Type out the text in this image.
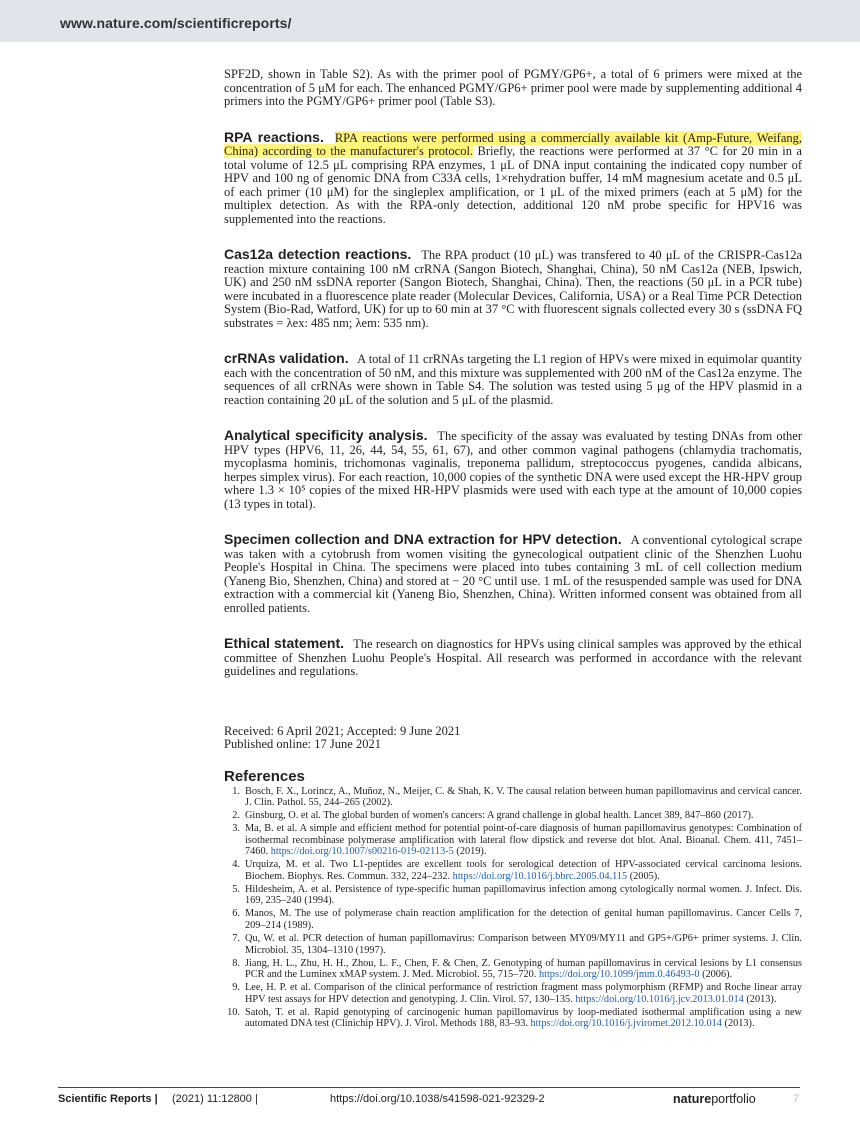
www.nature.com/scientificreports/

SPF2D, shown in Table S2). As with the primer pool of PGMY/GP6+, a total of 6 primers were mixed at the concentration of 5 μM for each. The enhanced PGMY/GP6+ primer pool were made by supplementing additional 4 primers into the PGMY/GP6+ primer pool (Table S3).

RPA reactions. RPA reactions were performed using a commercially available kit (Amp-Future, Weifang, China) according to the manufacturer's protocol. Briefly, the reactions were performed at 37 °C for 20 min in a total volume of 12.5 μL comprising RPA enzymes, 1 μL of DNA input containing the indicated copy number of HPV and 100 ng of genomic DNA from C33A cells, 1×rehydration buffer, 14 mM magnesium acetate and 0.5 μL of each primer (10 μM) for the singleplex amplification, or 1 μL of the mixed primers (each at 5 μM) for the multiplex detection. As with the RPA-only detection, additional 120 nM probe specific for HPV16 was supplemented into the reactions.

Cas12a detection reactions. The RPA product (10 μL) was transfered to 40 μL of the CRISPR-Cas12a reaction mixture containing 100 nM crRNA (Sangon Biotech, Shanghai, China), 50 nM Cas12a (NEB, Ipswich, UK) and 250 nM ssDNA reporter (Sangon Biotech, Shanghai, China). Then, the reactions (50 μL in a PCR tube) were incubated in a fluorescence plate reader (Molecular Devices, California, USA) or a Real Time PCR Detection System (Bio-Rad, Watford, UK) for up to 60 min at 37 °C with fluorescent signals collected every 30 s (ssDNA FQ substrates = λex: 485 nm; λem: 535 nm).

crRNAs validation. A total of 11 crRNAs targeting the L1 region of HPVs were mixed in equimolar quantity each with the concentration of 50 nM, and this mixture was supplemented with 200 nM of the Cas12a enzyme. The sequences of all crRNAs were shown in Table S4. The solution was tested using 5 μg of the HPV plasmid in a reaction containing 20 μL of the solution and 5 μL of the plasmid.

Analytical specificity analysis. The specificity of the assay was evaluated by testing DNAs from other HPV types (HPV6, 11, 26, 44, 54, 55, 61, 67), and other common vaginal pathogens (chlamydia trachomatis, mycoplasma hominis, trichomonas vaginalis, treponema pallidum, streptococcus pyogenes, candida albicans, herpes simplex virus). For each reaction, 10,000 copies of the synthetic DNA were used except the HR-HPV group where 1.3 × 10⁵ copies of the mixed HR-HPV plasmids were used with each type at the amount of 10,000 copies (13 types in total).

Specimen collection and DNA extraction for HPV detection. A conventional cytological scrape was taken with a cytobrush from women visiting the gynecological outpatient clinic of the Shenzhen Luohu People's Hospital in China. The specimens were placed into tubes containing 3 mL of cell collection medium (Yaneng Bio, Shenzhen, China) and stored at − 20 °C until use. 1 mL of the resuspended sample was used for DNA extraction with a commercial kit (Yaneng Bio, Shenzhen, China). Written informed consent was obtained from all enrolled patients.

Ethical statement. The research on diagnostics for HPVs using clinical samples was approved by the ethical committee of Shenzhen Luohu People's Hospital. All research was performed in accordance with the relevant guidelines and regulations.

Received: 6 April 2021; Accepted: 9 June 2021
Published online: 17 June 2021
References
1. Bosch, F. X., Lorincz, A., Muñoz, N., Meijer, C. & Shah, K. V. The causal relation between human papillomavirus and cervical cancer. J. Clin. Pathol. 55, 244–265 (2002).
2. Ginsburg, O. et al. The global burden of women's cancers: A grand challenge in global health. Lancet 389, 847–860 (2017).
3. Ma, B. et al. A simple and efficient method for potential point-of-care diagnosis of human papillomavirus genotypes: Combination of isothermal recombinase polymerase amplification with lateral flow dipstick and reverse dot blot. Anal. Bioanal. Chem. 411, 7451–7460. https://doi.org/10.1007/s00216-019-02113-5 (2019).
4. Urquiza, M. et al. Two L1-peptides are excellent tools for serological detection of HPV-associated cervical carcinoma lesions. Biochem. Biophys. Res. Commun. 332, 224–232. https://doi.org/10.1016/j.bbrc.2005.04.115 (2005).
5. Hildesheim, A. et al. Persistence of type-specific human papillomavirus infection among cytologically normal women. J. Infect. Dis. 169, 235–240 (1994).
6. Manos, M. The use of polymerase chain reaction amplification for the detection of genital human papillomavirus. Cancer Cells 7, 209–214 (1989).
7. Qu, W. et al. PCR detection of human papillomavirus: Comparison between MY09/MY11 and GP5+/GP6+ primer systems. J. Clin. Microbiol. 35, 1304–1310 (1997).
8. Jiang, H. L., Zhu, H. H., Zhou, L. F., Chen, F. & Chen, Z. Genotyping of human papillomavirus in cervical lesions by L1 consensus PCR and the Luminex xMAP system. J. Med. Microbiol. 55, 715–720. https://doi.org/10.1099/jmm.0.46493-0 (2006).
9. Lee, H. P. et al. Comparison of the clinical performance of restriction fragment mass polymorphism (RFMP) and Roche linear array HPV test assays for HPV detection and genotyping. J. Clin. Virol. 57, 130–135. https://doi.org/10.1016/j.jcv.2013.01.014 (2013).
10. Satoh, T. et al. Rapid genotyping of carcinogenic human papillomavirus by loop-mediated isothermal amplification using a new automated DNA test (Clinichip HPV). J. Virol. Methods 188, 83–93. https://doi.org/10.1016/j.jviromet.2012.10.014 (2013).
Scientific Reports | (2021) 11:12800 |	https://doi.org/10.1038/s41598-021-92329-2	natureportfolio	7
